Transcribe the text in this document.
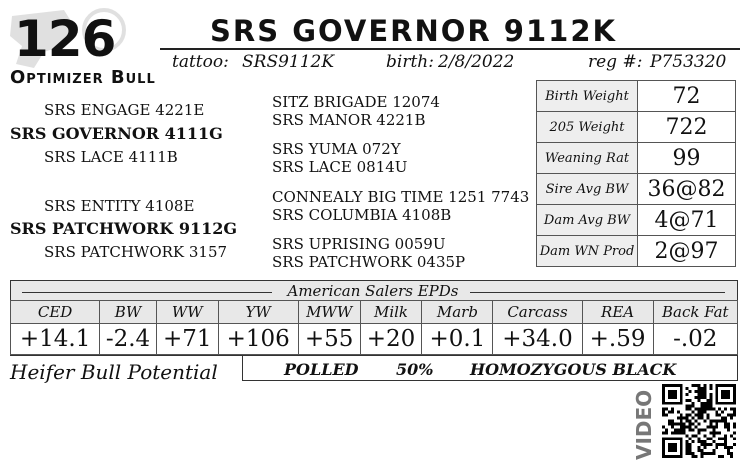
126
Optimizer Bull
SRS GOVERNOR 9112K
tattoo: SRS9112K	birth: 2/8/2022	reg #: P753320
SRS ENGAGE 4221E
SRS GOVERNOR 4111G
SRS LACE 4111B
SRS ENTITY 4108E
SRS PATCHWORK 9112G
SRS PATCHWORK 3157
SITZ BRIGADE 12074
SRS MANOR 4221B
SRS YUMA 072Y
SRS LACE 0814U
CONNEALY BIG TIME 1251 7743
SRS COLUMBIA 4108B
SRS UPRISING 0059U
SRS PATCHWORK 0435P
Birth Weight	72
205 Weight	722
Weaning Rat	99
Sire Avg BW	36@82
Dam Avg BW	4@71
Dam WN Prod	2@97
American Salers EPDs
CED	BW	WW	YW	MWW	Milk	Marb	Carcass	REA	Back Fat
+14.1	-2.4	+71	+106	+55	+20	+0.1	+34.0	+.59	-.02
Heifer Bull Potential	POLLED 50% HOMOZYGOUS BLACK
VIDEO
